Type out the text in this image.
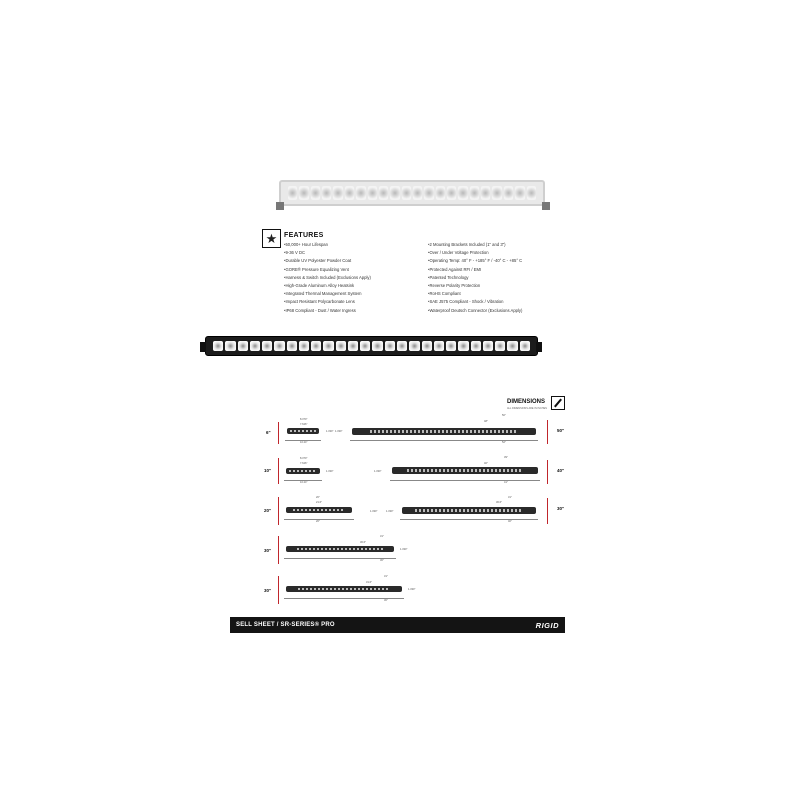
★ FEATURES
• 50,000+ Hour Lifespan
• 9-36 V DC
• Durable UV Polyester Powder Coat
• GORE® Pressure Equalizing Vent
• Harness & Switch Included (Exclusions Apply)
• High-Grade Aluminum Alloy Heatsink
• Integrated Thermal Management System
• Impact Resistant Polycarbonate Lens
• IP68 Compliant - Dust / Water Ingress
• 2 Mounting Brackets Included (1" and 3")
• Over / Under Voltage Protection
• Operating Temp: 40° F - +185° F / -40° C - +85° C
• Protected Against RFI / EMI
• Patented Technology
• Reverse Polarity Protection
• RoHS Compliant
• SAE J575 Compliant - Shock / Vibration
• Waterproof Deutsch Connector (Exclusions Apply)
DIMENSIONS
ALL DIMENSIONS ARE IN INCHES
6"
8.370"
7.626"
1.330"
10.24"
10"
8.370"
7.626"
1.330"
10.24"
20"
20"
21.6"
1.330"
20"
30"
31"
30.6"
1.330"
30"
30"
31"
31.6"
1.330"
30"
50"
48"
1.330"
52"
50"
39"
40"
1.330"
41"
40"
31"
30.6"
1.330"
40"
30"
SELL SHEET / SR-SERIES® PRO	RIGID
